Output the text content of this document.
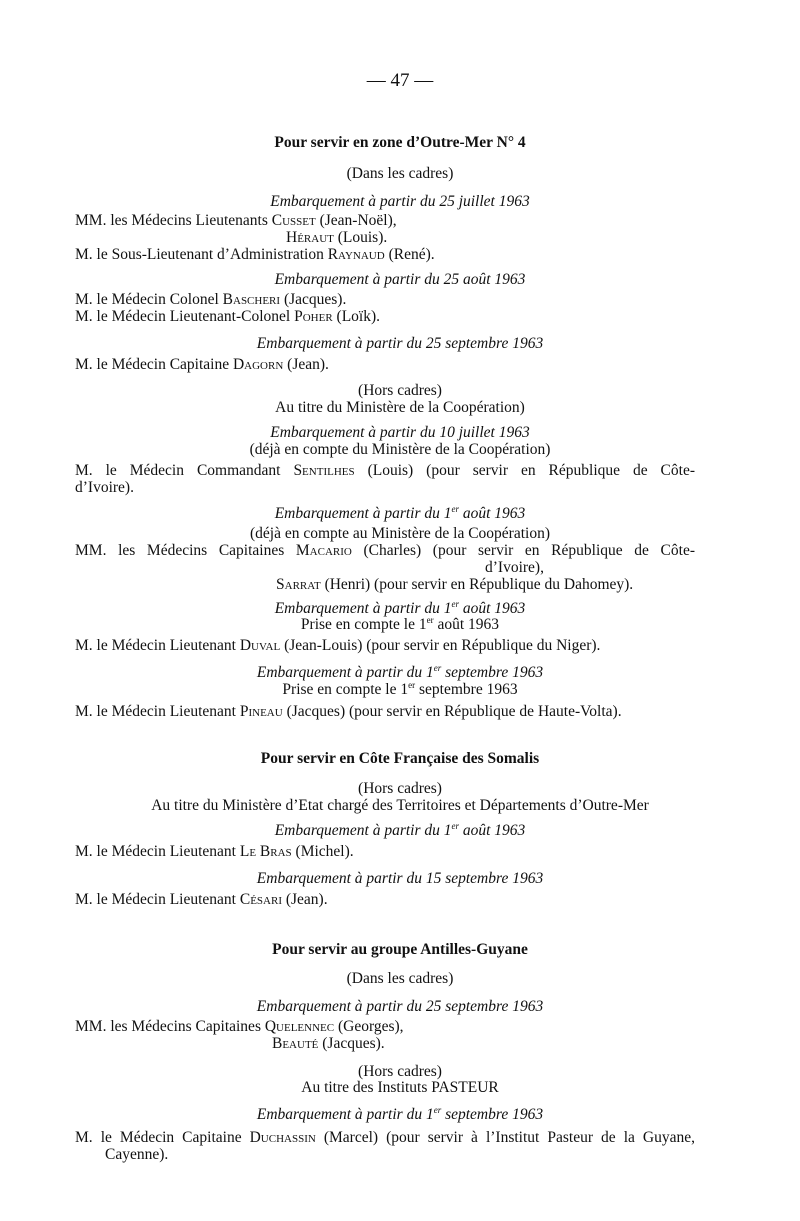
— 47 —
Pour servir en zone d’Outre-Mer N° 4
(Dans les cadres)
Embarquement à partir du 25 juillet 1963
MM. les Médecins Lieutenants Cusset (Jean-Noël),
Héraut (Louis).
M. le Sous-Lieutenant d’Administration Raynaud (René).
Embarquement à partir du 25 août 1963
M. le Médecin Colonel Bascheri (Jacques).
M. le Médecin Lieutenant-Colonel Poher (Loïk).
Embarquement à partir du 25 septembre 1963
M. le Médecin Capitaine Dagorn (Jean).
(Hors cadres)
Au titre du Ministère de la Coopération)
Embarquement à partir du 10 juillet 1963
(déjà en compte du Ministère de la Coopération)
M. le Médecin Commandant Sentilhes (Louis) (pour servir en République de Côte-
d’Ivoire).
Embarquement à partir du 1er août 1963
(déjà en compte au Ministère de la Coopération)
MM. les Médecins Capitaines Macario (Charles) (pour servir en République de Côte-
d’Ivoire),
Sarrat (Henri) (pour servir en République du Dahomey).
Embarquement à partir du 1er août 1963
Prise en compte le 1er août 1963
M. le Médecin Lieutenant Duval (Jean-Louis) (pour servir en République du Niger).
Embarquement à partir du 1er septembre 1963
Prise en compte le 1er septembre 1963
M. le Médecin Lieutenant Pineau (Jacques) (pour servir en République de Haute-Volta).
Pour servir en Côte Française des Somalis
(Hors cadres)
Au titre du Ministère d’Etat chargé des Territoires et Départements d’Outre-Mer
Embarquement à partir du 1er août 1963
M. le Médecin Lieutenant Le Bras (Michel).
Embarquement à partir du 15 septembre 1963
M. le Médecin Lieutenant Césari (Jean).
Pour servir au groupe Antilles-Guyane
(Dans les cadres)
Embarquement à partir du 25 septembre 1963
MM. les Médecins Capitaines Quelennec (Georges),
Beauté (Jacques).
(Hors cadres)
Au titre des Instituts PASTEUR
Embarquement à partir du 1er septembre 1963
M. le Médecin Capitaine Duchassin (Marcel) (pour servir à l’Institut Pasteur de la Guyane,
Cayenne).
